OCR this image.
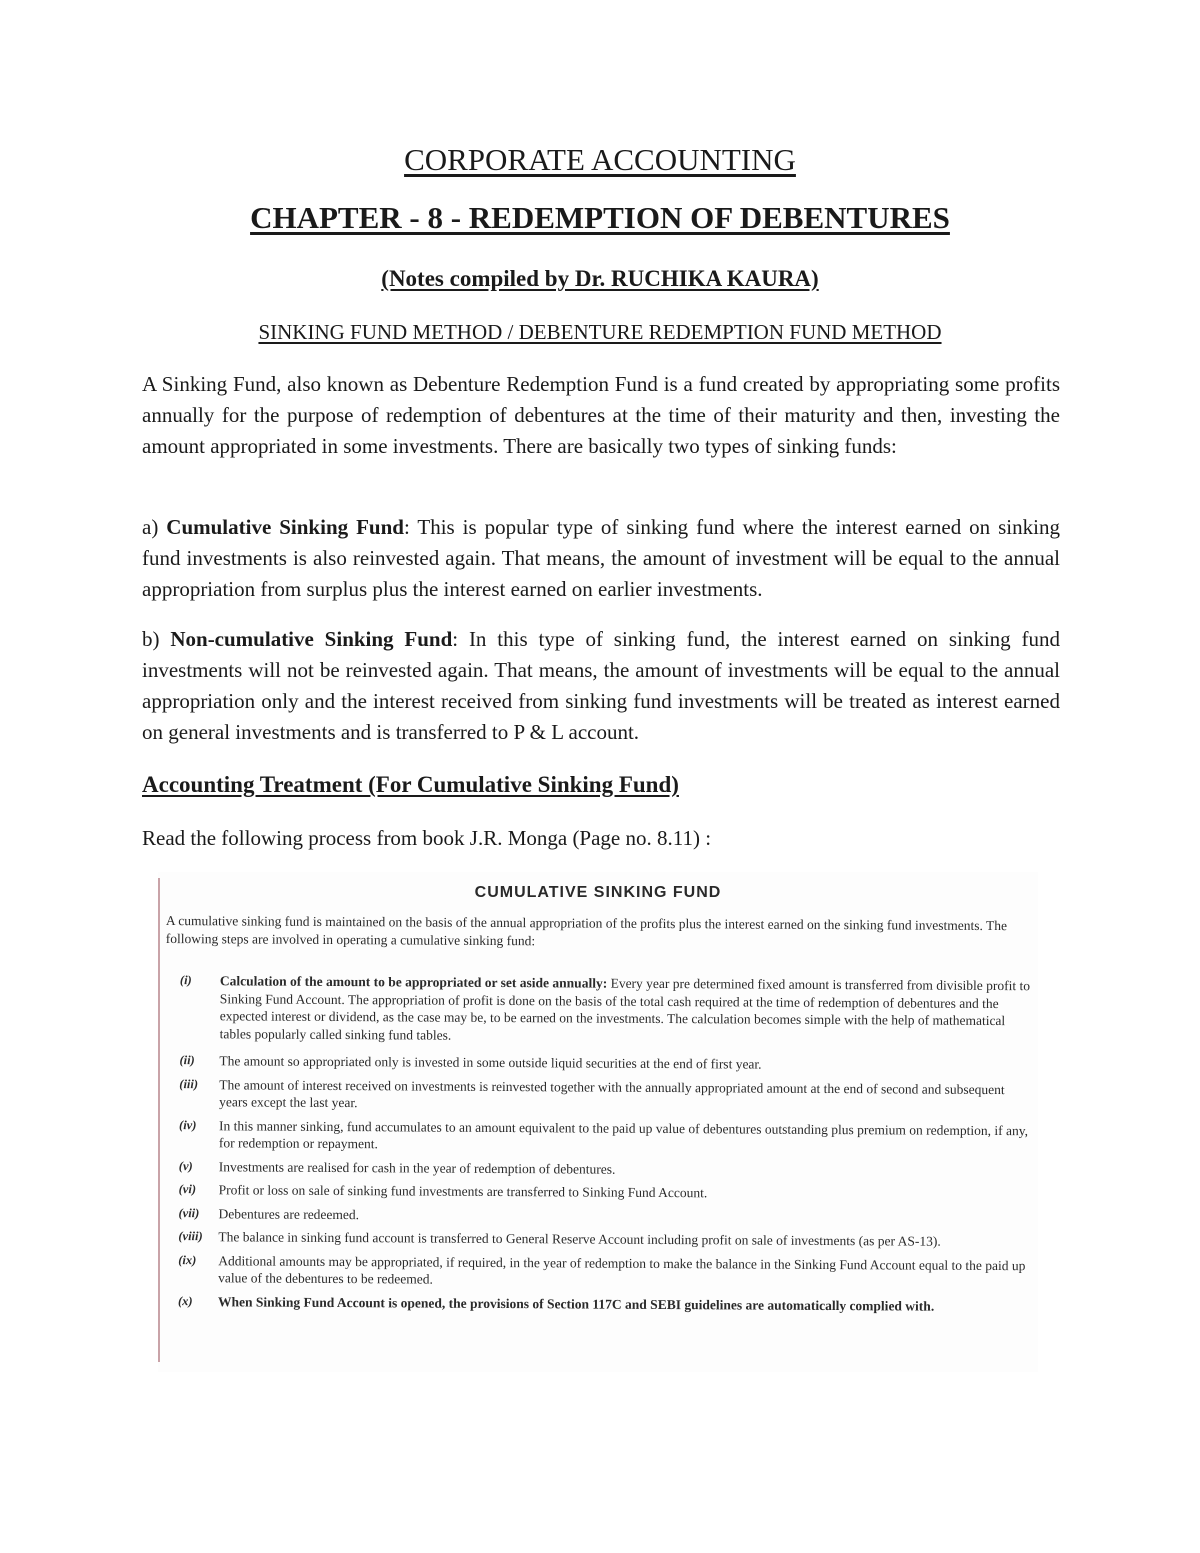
CORPORATE ACCOUNTING
CHAPTER - 8 - REDEMPTION OF DEBENTURES
(Notes compiled by Dr. RUCHIKA KAURA)
SINKING FUND METHOD / DEBENTURE REDEMPTION FUND METHOD

A Sinking Fund, also known as Debenture Redemption Fund is a fund created by appropriating some profits annually for the purpose of redemption of debentures at the time of their maturity and then, investing the amount appropriated in some investments. There are basically two types of sinking funds:

a) Cumulative Sinking Fund: This is popular type of sinking fund where the interest earned on sinking fund investments is also reinvested again. That means, the amount of investment will be equal to the annual appropriation from surplus plus the interest earned on earlier investments.

b) Non-cumulative Sinking Fund: In this type of sinking fund, the interest earned on sinking fund investments will not be reinvested again. That means, the amount of investments will be equal to the annual appropriation only and the interest received from sinking fund investments will be treated as interest earned on general investments and is transferred to P & L account.

Accounting Treatment (For Cumulative Sinking Fund)
Read the following process from book J.R. Monga (Page no. 8.11) :
CUMULATIVE SINKING FUND
A cumulative sinking fund is maintained on the basis of the annual appropriation of the profits plus the interest earned on the sinking fund investments. The following steps are involved in operating a cumulative sinking fund:
(i) Calculation of the amount to be appropriated or set aside annually: Every year pre determined fixed amount is transferred from divisible profit to Sinking Fund Account. The appropriation of profit is done on the basis of the total cash required at the time of redemption of debentures and the expected interest or dividend, as the case may be, to be earned on the investments. The calculation becomes simple with the help of mathematical tables popularly called sinking fund tables.
(ii) The amount so appropriated only is invested in some outside liquid securities at the end of first year.
(iii) The amount of interest received on investments is reinvested together with the annually appropriated amount at the end of second and subsequent years except the last year.
(iv) In this manner sinking, fund accumulates to an amount equivalent to the paid up value of debentures outstanding plus premium on redemption, if any, for redemption or repayment.
(v) Investments are realised for cash in the year of redemption of debentures.
(vi) Profit or loss on sale of sinking fund investments are transferred to Sinking Fund Account.
(vii) Debentures are redeemed.
(viii) The balance in sinking fund account is transferred to General Reserve Account including profit on sale of investments (as per AS-13).
(ix) Additional amounts may be appropriated, if required, in the year of redemption to make the balance in the Sinking Fund Account equal to the paid up value of the debentures to be redeemed.
(x) When Sinking Fund Account is opened, the provisions of Section 117C and SEBI guidelines are automatically complied with.
